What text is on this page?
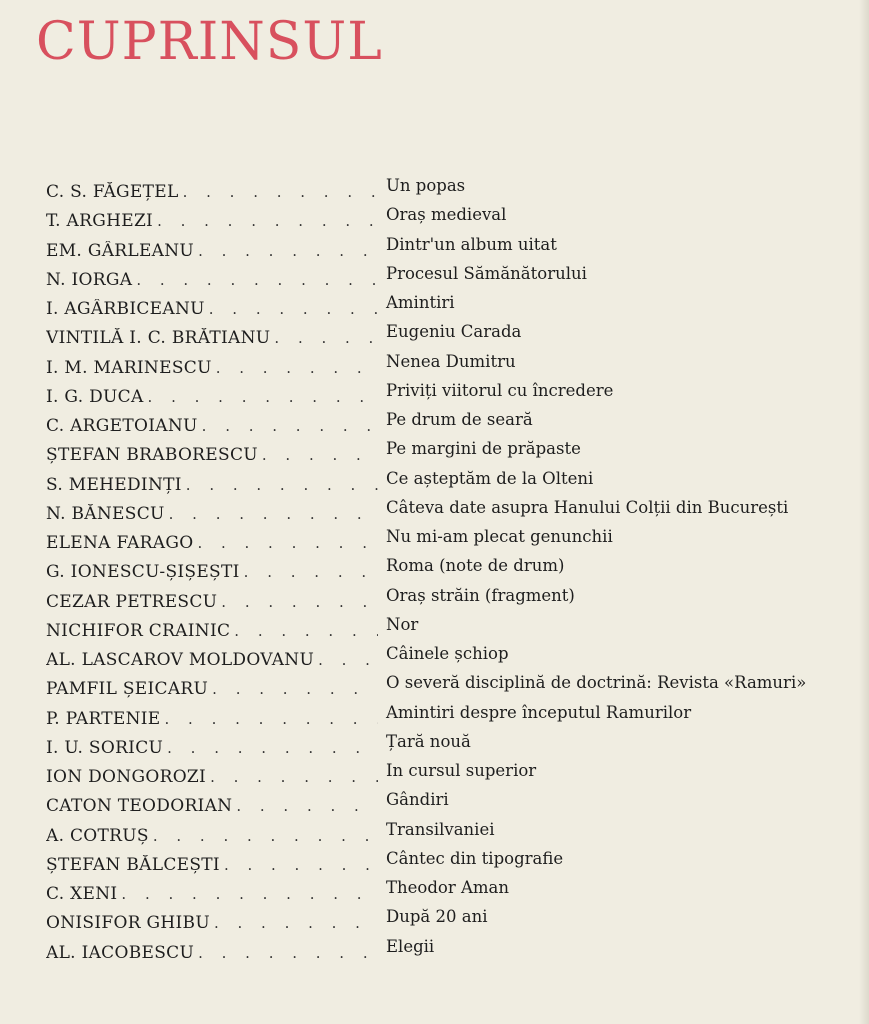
CUPRINSUL
C. S. FĂGEȚEL . . .	Un popas
T. ARGHEZI . . .	Oraș medieval
EM. GÂRLEANU . . .	Dintr'un album uitat
N. IORGA . . .	Procesul Sămănătorului
I. AGÂRBICEANU . . .	Amintiri
VINTILĂ I. C. BRĂTIANU . . .	Eugeniu Carada
I. M. MARINESCU . . .	Nenea Dumitru
I. G. DUCA . . .	Priviți viitorul cu încredere
C. ARGETOIANU . . .	Pe drum de seară
ȘTEFAN BRABORESCU . . .	Pe margini de prăpaste
S. MEHEDINȚI . . .	Ce așteptăm de la Olteni
N. BĂNESCU . . .	Câteva date asupra Hanului Colții din București
ELENA FARAGO . . .	Nu mi-am plecat genunchii
G. IONESCU-ȘIȘEȘTI . . .	Roma (note de drum)
CEZAR PETRESCU . . .	Oraș străin (fragment)
NICHIFOR CRAINIC . . .	Nor
AL. LASCAROV MOLDOVANU . . .	Câinele șchiop
PAMFIL ȘEICARU . . .	O severă disciplină de doctrină: Revista «Ramuri»
P. PARTENIE . . .	Amintiri despre începutul Ramurilor
I. U. SORICU . . .	Țară nouă
ION DONGOROZI . . .	In cursul superior
CATON TEODORIAN . . .	Gândiri
A. COTRUȘ . . .	Transilvaniei
ȘTEFAN BĂLCEȘTI . . .	Cântec din tipografie
C. XENI . . .	Theodor Aman
ONISIFOR GHIBU . . .	După 20 ani
AL. IACOBESCU . . .	Elegii
